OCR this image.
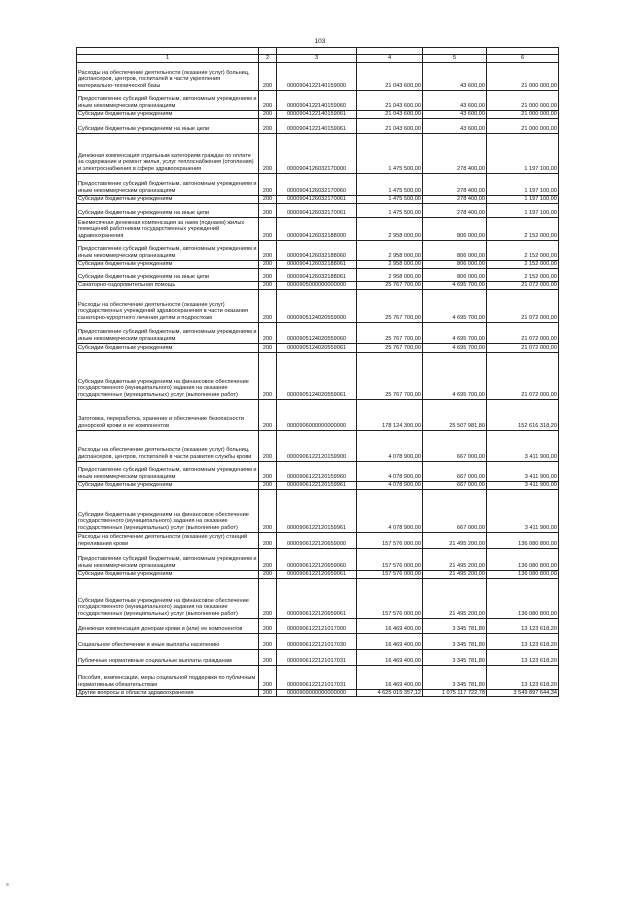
103

1	2	3	4	5	6
Расходы на обеспечение деятельности (оказание услуг) больниц, диспансеров, центров, госпиталей в части укрепления материально-технической базы	200	0000904122140159000	21 043 600,00	43 600,00	21 000 000,00
Предоставление субсидий бюджетным, автономным учреждениям и иным некоммерческим организациям	200	0000904122140159060	21 043 600,00	43 600,00	21 000 000,00
Субсидии бюджетным учреждениям	200	0000904122140159061	21 043 600,00	43 600,00	21 000 000,00
Субсидии бюджетным учреждениям на иные цели	200	0000904122140159061	21 043 600,00	43 600,00	21 000 000,00
Денежная компенсация отдельным категориям граждан по оплате за содержание и ремонт жилья, услуг теплоснабжения (отопления) и электроснабжения в сфере здравоохранения	200	0000904126032170000	1 475 500,00	278 400,00	1 197 100,00
Предоставление субсидий бюджетным, автономным учреждениям и иным некоммерческим организациям	200	0000904126032170060	1 475 500,00	278 400,00	1 197 100,00
Субсидии бюджетным учреждениям	200	0000904126032170061	1 475 500,00	278 400,00	1 197 100,00
Субсидии бюджетным учреждениям на иные цели	200	0000904126032170061	1 475 500,00	278 400,00	1 197 100,00
Ежемесячная денежная компенсация за наем (поднаем) жилых помещений работникам государственных учреждений здравоохранения	200	0000904126032188000	2 958 000,00	806 000,00	2 152 000,00
Предоставление субсидий бюджетным, автономным учреждениям и иным некоммерческим организациям	200	0000904126032188060	2 958 000,00	806 000,00	2 152 000,00
Субсидии бюджетным учреждениям	200	0000904126032188061	2 958 000,00	806 000,00	2 152 000,00
Субсидии бюджетным учреждениям на иные цели	200	0000904126032188061	2 958 000,00	806 000,00	2 152 000,00
Санаторно-оздоровительная помощь	200	0000905000000000000	25 767 700,00	4 695 700,00	21 072 000,00
Расходы на обеспечение деятельности (оказание услуг) государственных учреждений здравоохранения в части оказания санаторно-курортного лечения детям и подросткам	200	0000905124020559000	25 767 700,00	4 695 700,00	21 072 000,00
Предоставление субсидий бюджетным, автономным учреждениям и иным некоммерческим организациям	200	0000905124020559060	25 767 700,00	4 695 700,00	21 072 000,00
Субсидии бюджетным учреждениям	200	0000905124020559061	25 767 700,00	4 695 700,00	21 072 000,00
Субсидии бюджетным учреждениям на финансовое обеспечение государственного (муниципального) задания на оказание государственных (муниципальных) услуг (выполнение работ)	200	0000905124020559061	25 767 700,00	4 695 700,00	21 072 000,00
Заготовка, переработка, хранение и обеспечение безопасности донорской крови и ее компонентов	200	0000906000000000000	178 124 300,00	25 507 981,80	152 616 318,20
Расходы на обеспечение деятельности (оказание услуг) больниц, диспансеров, центров, госпиталей в части развития службы крови	200	0000906122120159900	4 078 900,00	667 000,00	3 411 900,00
Предоставление субсидий бюджетным, автономным учреждениям и иным некоммерческим организациям	200	0000906122120159960	4 078 900,00	667 000,00	3 411 900,00
Субсидии бюджетным учреждениям	200	0000906122120159961	4 078 900,00	667 000,00	3 411 900,00
Субсидии бюджетным учреждениям на финансовое обеспечение государственного (муниципального) задания на оказание государственных (муниципальных) услуг (выполнение работ)	200	0000906122120159961	4 078 900,00	667 000,00	3 411 900,00
Расходы на обеспечение деятельности (оказание услуг) станций переливания крови	200	0000906122120659000	157 576 000,00	21 495 200,00	136 080 800,00
Предоставление субсидий бюджетным, автономным учреждениям и иным некоммерческим организациям	200	0000906122120659060	157 576 000,00	21 495 200,00	136 080 800,00
Субсидии бюджетным учреждениям	200	0000906122120659061	157 576 000,00	21 495 200,00	136 080 800,00
Субсидии бюджетным учреждениям на финансовое обеспечение государственного (муниципального) задания на оказание государственных (муниципальных) услуг (выполнение работ)	200	0000906122120659061	157 576 000,00	21 495 200,00	136 080 800,00
Денежная компенсация донорам крови и (или) ее компонентов	200	0000906122121017000	16 469 400,00	3 345 781,80	13 123 618,20
Социальное обеспечение и иные выплаты населению	200	0000906122121017030	16 469 400,00	3 345 781,80	13 123 618,20
Публичные нормативные социальные выплаты гражданам	200	0000906122121017031	16 469 400,00	3 345 781,80	13 123 618,20
Пособия, компенсации, меры социальной поддержки по публичным нормативным обязательствам	200	0000906122121017031	16 469 400,00	3 345 781,80	13 123 618,20
Другие вопросы в области здравоохранения	200	0000909000000000000	4 625 015 357,12	1 075 117 722,78	3 549 897 644,34
